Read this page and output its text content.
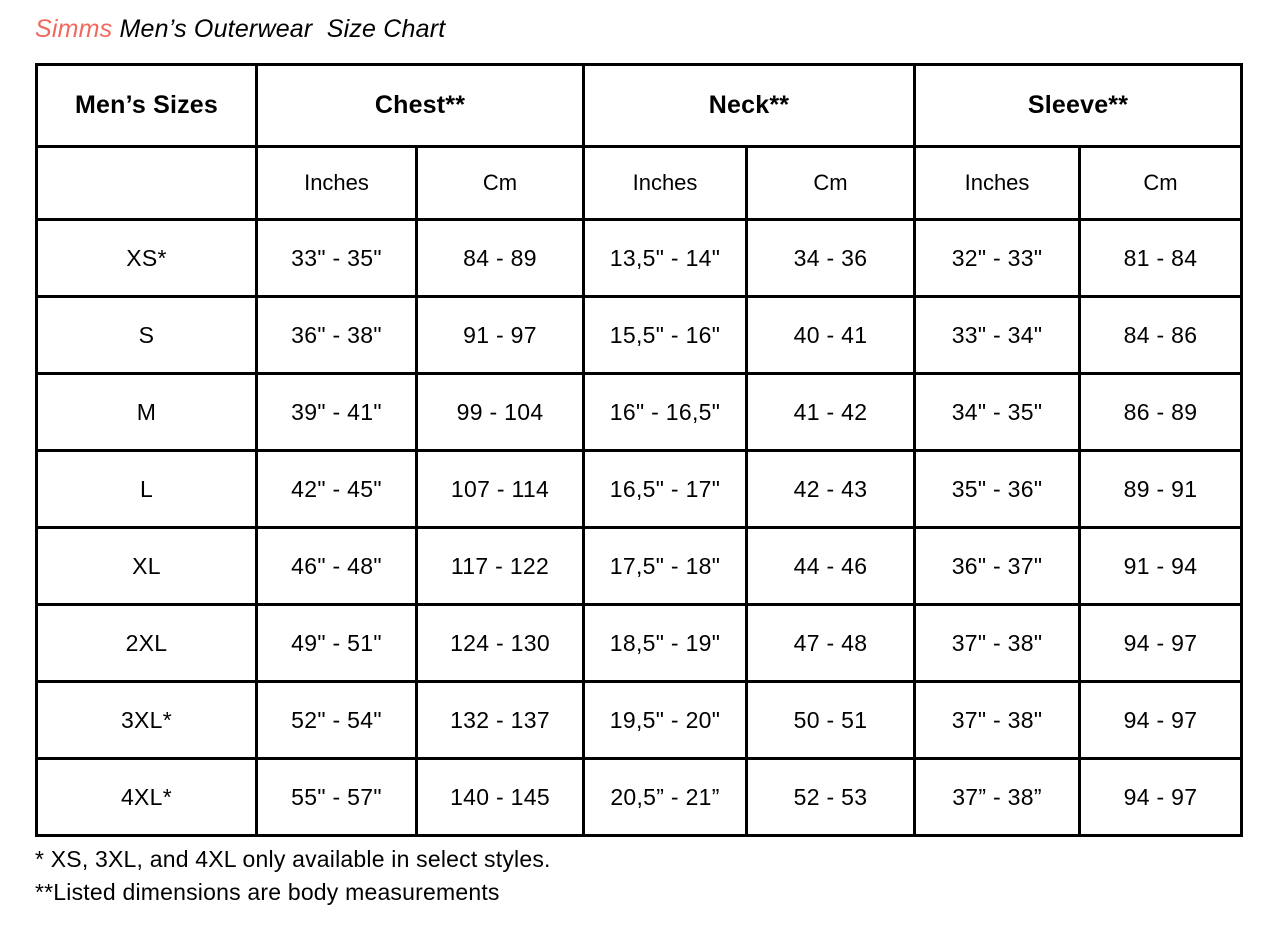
Simms Men’s Outerwear  Size Chart
Men’s Sizes	Chest**		Neck**		Sleeve**	
	Inches	Cm	Inches	Cm	Inches	Cm
XS*	33" - 35"	84 - 89	13,5" - 14"	34 - 36	32" - 33"	81 - 84
S	36" - 38"	91 - 97	15,5" - 16"	40 - 41	33" - 34"	84 - 86
M	39" - 41"	99 - 104	16" - 16,5"	41 - 42	34" - 35"	86 - 89
L	42" - 45"	107 - 114	16,5" - 17"	42 - 43	35" - 36"	89 - 91
XL	46" - 48"	117 - 122	17,5" - 18"	44 - 46	36" - 37"	91 - 94
2XL	49" - 51"	124 - 130	18,5" - 19"	47 - 48	37" - 38"	94 - 97
3XL*	52" - 54"	132 - 137	19,5" - 20"	50 - 51	37" - 38"	94 - 97
4XL*	55" - 57"	140 - 145	20,5” - 21”	52 - 53	37” - 38”	94 - 97
* XS, 3XL, and 4XL only available in select styles.
**Listed dimensions are body measurements
